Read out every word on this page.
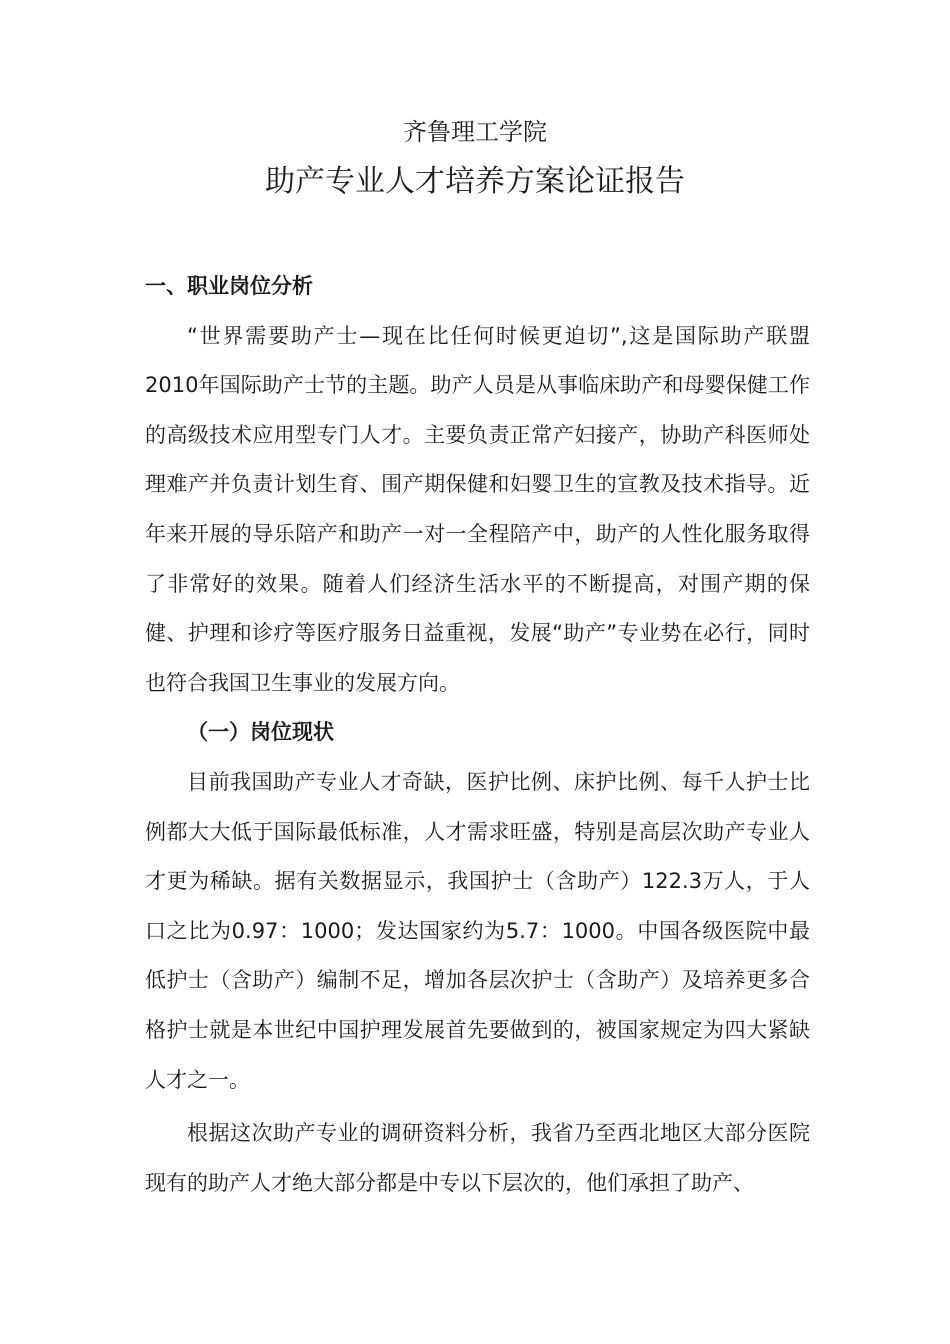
齐鲁理工学院
助产专业人才培养方案论证报告

一、职业岗位分析

“世界需要助产士—现在比任何时候更迫切”,这是国际助产联盟2010年国际助产士节的主题。助产人员是从事临床助产和母婴保健工作的高级技术应用型专门人才。主要负责正常产妇接产，协助产科医师处理难产并负责计划生育、围产期保健和妇婴卫生的宣教及技术指导。近年来开展的导乐陪产和助产一对一全程陪产中，助产的人性化服务取得了非常好的效果。随着人们经济生活水平的不断提高，对围产期的保健、护理和诊疗等医疗服务日益重视，发展“助产”专业势在必行，同时也符合我国卫生事业的发展方向。

（一）岗位现状

目前我国助产专业人才奇缺，医护比例、床护比例、每千人护士比例都大大低于国际最低标准，人才需求旺盛，特别是高层次助产专业人才更为稀缺。据有关数据显示，我国护士（含助产）122.3万人，于人口之比为0.97：1000；发达国家约为5.7：1000。中国各级医院中最低护士（含助产）编制不足，增加各层次护士（含助产）及培养更多合格护士就是本世纪中国护理发展首先要做到的，被国家规定为四大紧缺人才之一。

根据这次助产专业的调研资料分析，我省乃至西北地区大部分医院现有的助产人才绝大部分都是中专以下层次的，他们承担了助产、
